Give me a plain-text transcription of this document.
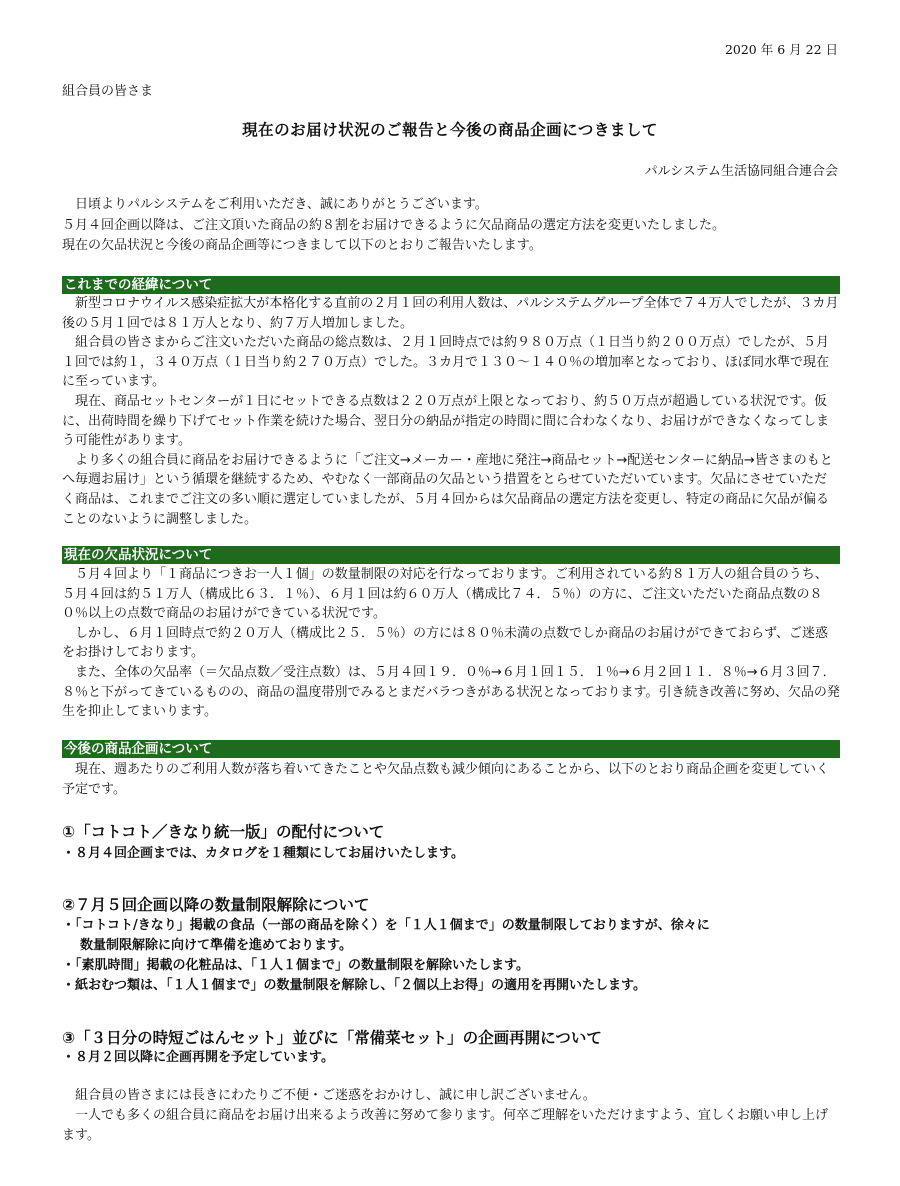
2020 年 6 月 22 日
組合員の皆さま
現在のお届け状況のご報告と今後の商品企画につきまして
パルシステム生活協同組合連合会

日頃よりパルシステムをご利用いただき、誠にありがとうございます。

５月４回企画以降は、ご注文頂いた商品の約８割をお届けできるように欠品商品の選定方法を変更いたしました。

現在の欠品状況と今後の商品企画等につきまして以下のとおりご報告いたします。

これまでの経緯について

新型コロナウイルス感染症拡大が本格化する直前の２月１回の利用人数は、パルシステムグループ全体で７４万人でしたが、３カ月後の５月１回では８１万人となり、約７万人増加しました。

組合員の皆さまからご注文いただいた商品の総点数は、２月１回時点では約９８０万点（１日当り約２００万点）でしたが、５月１回では約１，３４０万点（１日当り約２７０万点）でした。３カ月で１３０～１４０％の増加率となっており、ほぼ同水準で現在に至っています。

現在、商品セットセンターが１日にセットできる点数は２２０万点が上限となっており、約５０万点が超過している状況です。仮に、出荷時間を繰り下げてセット作業を続けた場合、翌日分の納品が指定の時間に間に合わなくなり、お届けができなくなってしまう可能性があります。

より多くの組合員に商品をお届けできるように「ご注文→メーカー・産地に発注→商品セット→配送センターに納品→皆さまのもとへ毎週お届け」という循環を継続するため、やむなく一部商品の欠品という措置をとらせていただいています。欠品にさせていただく商品は、これまでご注文の多い順に選定していましたが、５月４回からは欠品商品の選定方法を変更し、特定の商品に欠品が偏ることのないように調整しました。

現在の欠品状況について

５月４回より「１商品につきお一人１個」の数量制限の対応を行なっております。ご利用されている約８１万人の組合員のうち、５月４回は約５１万人（構成比６３．１％）、６月１回は約６０万人（構成比７４．５％）の方に、ご注文いただいた商品点数の８０％以上の点数で商品のお届けができている状況です。

しかし、６月１回時点で約２０万人（構成比２５．５％）の方には８０％未満の点数でしか商品のお届けができておらず、ご迷惑をお掛けしております。

また、全体の欠品率（＝欠品点数／受注点数）は、５月４回１９．０％→６月１回１５．１％→６月２回１１．８％→６月３回７．８％と下がってきているものの、商品の温度帯別でみるとまだバラつきがある状況となっております。引き続き改善に努め、欠品の発生を抑止してまいります。

今後の商品企画について

現在、週あたりのご利用人数が落ち着いてきたことや欠品点数も減少傾向にあることから、以下のとおり商品企画を変更していく予定です。

①「コトコト／きなり統一版」の配付について

・８月４回企画までは、カタログを１種類にしてお届けいたします。

②７月５回企画以降の数量制限解除について

・「コトコト/きなり」掲載の食品（一部の商品を除く）を「１人１個まで」の数量制限しておりますが、徐々に

数量制限解除に向けて準備を進めております。

・「素肌時間」掲載の化粧品は、「１人１個まで」の数量制限を解除いたします。

・紙おむつ類は、「１人１個まで」の数量制限を解除し、「２個以上お得」の適用を再開いたします。

③「３日分の時短ごはんセット」並びに「常備菜セット」の企画再開について

・８月２回以降に企画再開を予定しています。

組合員の皆さまには長きにわたりご不便・ご迷惑をおかけし、誠に申し訳ございません。

一人でも多くの組合員に商品をお届け出来るよう改善に努めて参ります。何卒ご理解をいただけますよう、宜しくお願い申し上げます。
